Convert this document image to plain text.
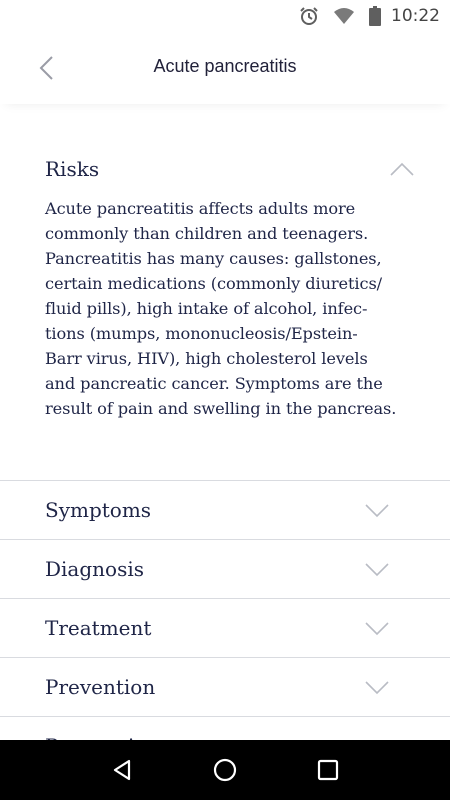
10:22
Acute pancreatitis
Risks
Acute pancreatitis affects adults more
commonly than children and teenagers.
Pancreatitis has many causes: gallstones,
certain medications (commonly diuretics/
fluid pills), high intake of alcohol, infec-
tions (mumps, mononucleosis/Epstein-
Barr virus, HIV), high cholesterol levels
and pancreatic cancer. Symptoms are the
result of pain and swelling in the pancreas.
Symptoms
Diagnosis
Treatment
Prevention
